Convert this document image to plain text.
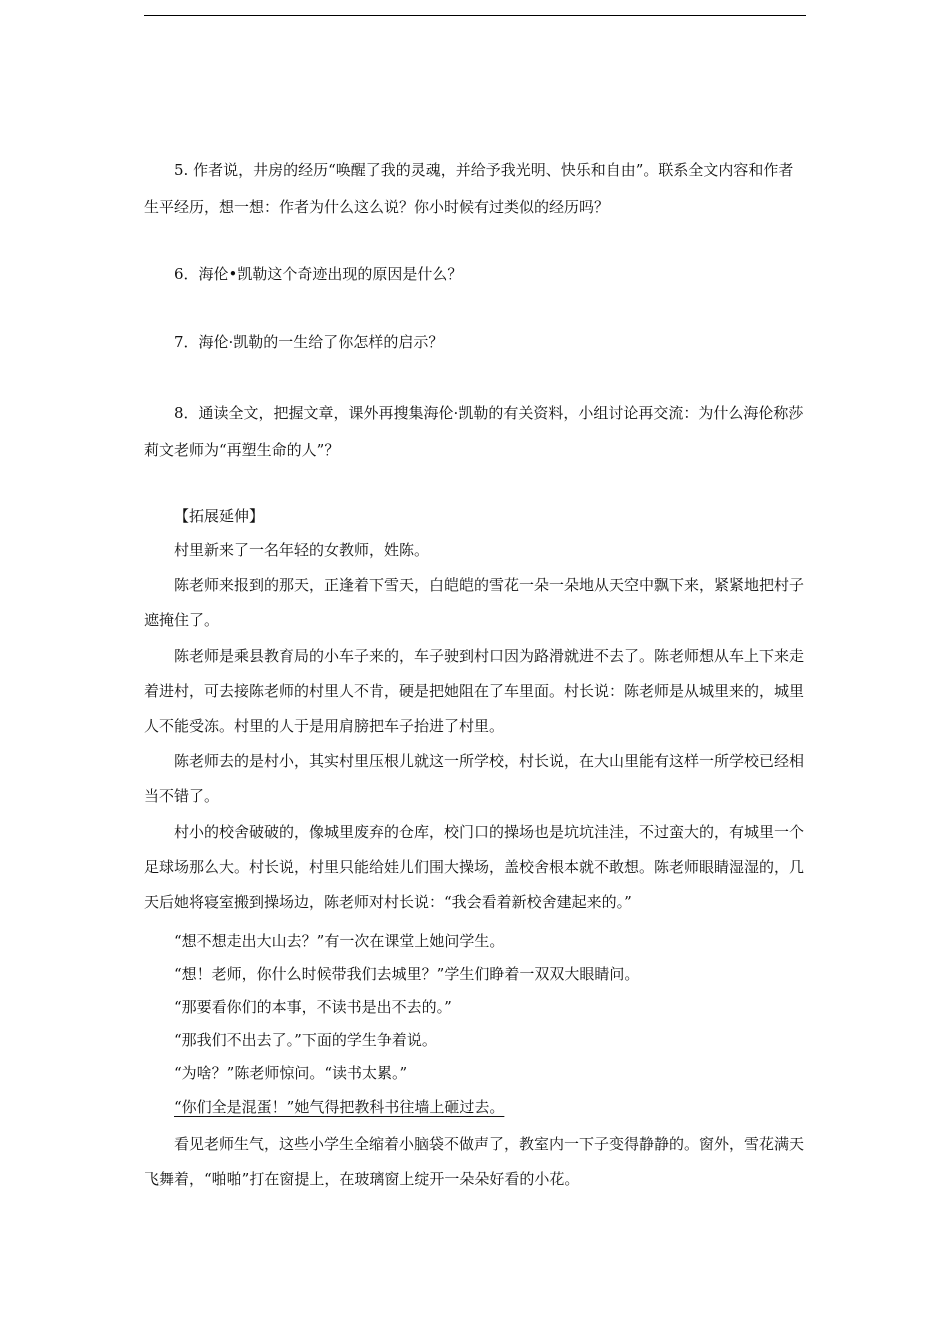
5. 作者说，井房的经历“唤醒了我的灵魂，并给予我光明、快乐和自由”。联系全文内容和作者生平经历，想一想：作者为什么这么说？你小时候有过类似的经历吗？

6．海伦•凯勒这个奇迹出现的原因是什么？

7．海伦·凯勒的一生给了你怎样的启示？

8．通读全文，把握文章，课外再搜集海伦·凯勒的有关资料，小组讨论再交流：为什么海伦称莎莉文老师为“再塑生命的人”？

【拓展延伸】

村里新来了一名年轻的女教师，姓陈。

陈老师来报到的那天，正逢着下雪天，白皑皑的雪花一朵一朵地从天空中飘下来，紧紧地把村子遮掩住了。

陈老师是乘县教育局的小车子来的，车子驶到村口因为路滑就进不去了。陈老师想从车上下来走着进村，可去接陈老师的村里人不肯，硬是把她阻在了车里面。村长说：陈老师是从城里来的，城里人不能受冻。村里的人于是用肩膀把车子抬进了村里。

陈老师去的是村小，其实村里压根儿就这一所学校，村长说，在大山里能有这样一所学校已经相当不错了。

村小的校舍破破的，像城里废弃的仓库，校门口的操场也是坑坑洼洼，不过蛮大的，有城里一个足球场那么大。村长说，村里只能给娃儿们围大操场，盖校舍根本就不敢想。陈老师眼睛湿湿的，几天后她将寝室搬到操场边，陈老师对村长说：“我会看着新校舍建起来的。”

“想不想走出大山去？”有一次在课堂上她问学生。

“想！老师，你什么时候带我们去城里？”学生们睁着一双双大眼睛问。

“那要看你们的本事，不读书是出不去的。”

“那我们不出去了。”下面的学生争着说。

“为啥？”陈老师惊问。“读书太累。”

“你们全是混蛋！”她气得把教科书往墙上砸过去。

看见老师生气，这些小学生全缩着小脑袋不做声了，教室内一下子变得静静的。窗外，雪花满天飞舞着，“啪啪”打在窗提上，在玻璃窗上绽开一朵朵好看的小花。
